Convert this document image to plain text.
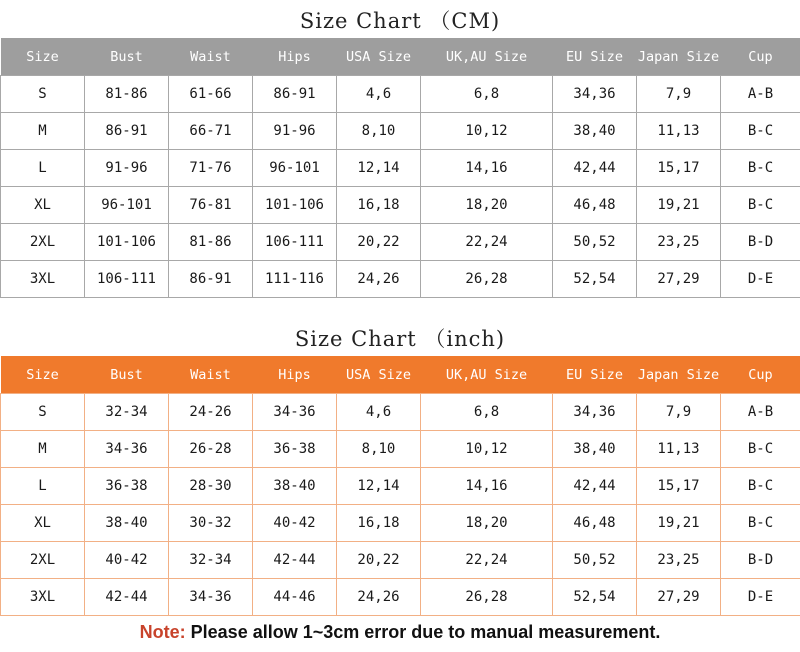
Size Chart （CM)
Size	Bust	Waist	Hips	USA Size	UK,AU Size	EU Size	Japan Size	Cup
S	81-86	61-66	86-91	4,6	6,8	34,36	7,9	A-B
M	86-91	66-71	91-96	8,10	10,12	38,40	11,13	B-C
L	91-96	71-76	96-101	12,14	14,16	42,44	15,17	B-C
XL	96-101	76-81	101-106	16,18	18,20	46,48	19,21	B-C
2XL	101-106	81-86	106-111	20,22	22,24	50,52	23,25	B-D
3XL	106-111	86-91	111-116	24,26	26,28	52,54	27,29	D-E
Size Chart （inch)
Size	Bust	Waist	Hips	USA Size	UK,AU Size	EU Size	Japan Size	Cup
S	32-34	24-26	34-36	4,6	6,8	34,36	7,9	A-B
M	34-36	26-28	36-38	8,10	10,12	38,40	11,13	B-C
L	36-38	28-30	38-40	12,14	14,16	42,44	15,17	B-C
XL	38-40	30-32	40-42	16,18	18,20	46,48	19,21	B-C
2XL	40-42	32-34	42-44	20,22	22,24	50,52	23,25	B-D
3XL	42-44	34-36	44-46	24,26	26,28	52,54	27,29	D-E
Note: Please allow 1~3cm error due to manual measurement.
